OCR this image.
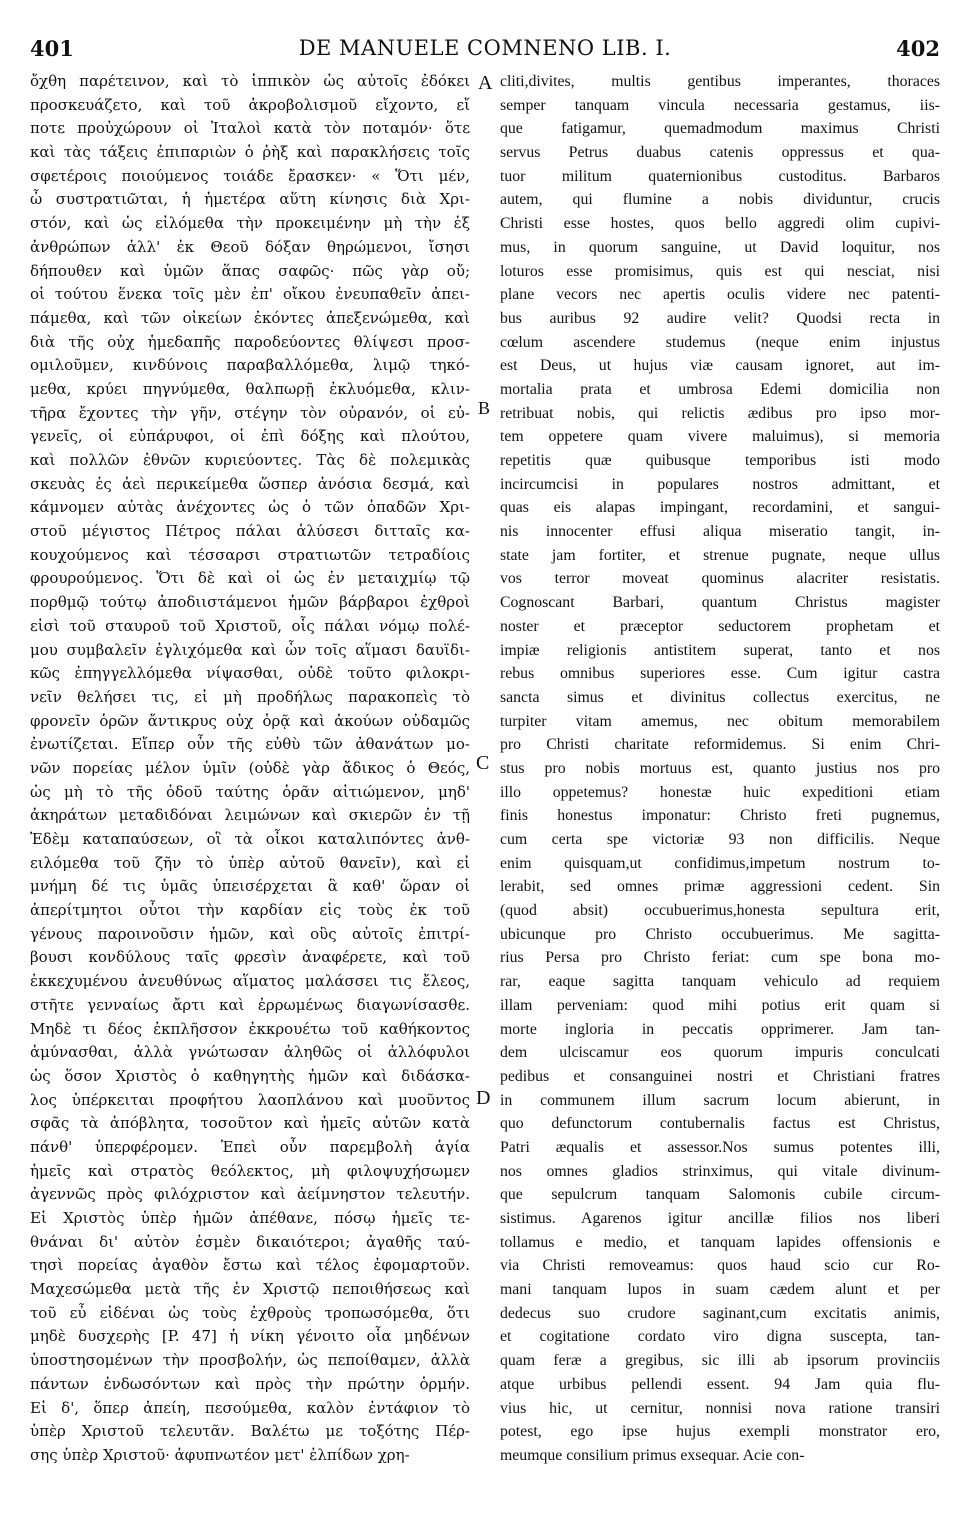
401	DE MANUELE COMNENO LIB. I.	402
ὄχθη παρέτεινον, καὶ τὸ ἱππικὸν ὡς αὐτοῖς ἐδόκει
προσκευάζετο, καὶ τοῦ ἀκροβολισμοῦ εἴχοντο, εἴ
ποτε προὐχώρουν οἱ Ἰταλοὶ κατὰ τὸν ποταμόν· ὅτε
καὶ τὰς τάξεις ἐπιπαριὼν ὁ ῥὴξ καὶ παρακλήσεις τοῖς
σφετέροις ποιούμενος τοιάδε ἔρασκεν· « Ὅτι μέν,
ὦ συστρατιῶται, ἡ ἡμετέρα αὕτη κίνησις διὰ Χρι-
στόν, καὶ ὡς εἰλόμεθα τὴν προκειμένην μὴ τὴν ἐξ
ἀνθρώπων ἀλλ' ἐκ Θεοῦ δόξαν θηρώμενοι, ἴσησι
δήπουθεν καὶ ὑμῶν ἅπας σαφῶς· πῶς γὰρ οὔ;
οἱ τούτου ἕνεκα τοῖς μὲν ἐπ' οἴκου ἐνευπαθεῖν ἀπει-
πάμεθα, καὶ τῶν οἰκείων ἐκόντες ἀπεξενώμεθα, καὶ
διὰ τῆς οὐχ ἡμεδαπῆς παροδεύοντες θλίψεσι προσ-
ομιλοῦμεν, κινδύνοις παραβαλλόμεθα, λιμῷ τηκό-
μεθα, κρύει πηγνύμεθα, θαλπωρῇ ἐκλυόμεθα, κλιν-
τῆρα ἔχοντες τὴν γῆν, στέγην τὸν οὐρανόν, οἱ εὐ-
γενεῖς, οἱ εὐπάρυφοι, οἱ ἐπὶ δόξης καὶ πλούτου,
καὶ πολλῶν ἐθνῶν κυριεύοντες. Τὰς δὲ πολεμικὰς
σκευὰς ἐς ἀεὶ περικείμεθα ὥσπερ ἀνόσια δεσμά, καὶ
κάμνομεν αὐτὰς ἀνέχοντες ὡς ὁ τῶν ὀπαδῶν Χρι-
στοῦ μέγιστος Πέτρος πάλαι ἁλύσεσι διτταῖς κα-
κουχούμενος καὶ τέσσαρσι στρατιωτῶν τετραδίοις
φρουρούμενος. Ὅτι δὲ καὶ οἱ ὡς ἐν μεταιχμίῳ τῷ
πορθμῷ τούτῳ ἀποδιιστάμενοι ἡμῶν βάρβαροι ἐχθροὶ
εἰσὶ τοῦ σταυροῦ τοῦ Χριστοῦ, οἷς πάλαι νόμῳ πολέ-
μου συμβαλεῖν ἐγλιχόμεθα καὶ ὧν τοῖς αἵμασι δαυϊδι-
κῶς ἐπηγγελλόμεθα νίψασθαι, οὐδὲ τοῦτο φιλοκρι-
νεῖν θελήσει τις, εἰ μὴ προδήλως παρακοπεὶς τὸ
φρονεῖν ὁρῶν ἄντικρυς οὐχ ὁρᾷ καὶ ἀκούων οὐδαμῶς
ἐνωτίζεται. Εἴπερ οὖν τῆς εὐθὺ τῶν ἀθανάτων μο-
νῶν πορείας μέλον ὑμῖν (οὐδὲ γὰρ ἄδικος ὁ Θεός,
ὡς μὴ τὸ τῆς ὁδοῦ ταύτης ὁρᾶν αἰτιώμενον, μηδ'
ἀκηράτων μεταδιδόναι λειμώνων καὶ σκιερῶν ἐν τῇ
Ἐδὲμ καταπαύσεων, οἳ τὰ οἶκοι καταλιπόντες ἀνθ-
ειλόμεθα τοῦ ζῆν τὸ ὑπὲρ αὐτοῦ θανεῖν), καὶ εἰ
μνήμη δέ τις ὑμᾶς ὑπεισέρχεται ἃ καθ' ὥραν οἱ
ἀπερίτμητοι οὗτοι τὴν καρδίαν εἰς τοὺς ἐκ τοῦ
γένους παροινοῦσιν ἡμῶν, καὶ οὓς αὐτοῖς ἐπιτρί-
βουσι κονδύλους ταῖς φρεσὶν ἀναφέρετε, καὶ τοῦ
ἐκκεχυμένου ἀνευθύνως αἵματος μαλάσσει τις ἔλεος,
στῆτε γενναίως ἄρτι καὶ ἐρρωμένως διαγωνίσασθε.
Μηδὲ τι δέος ἐκπλῆσσον ἐκκρουέτω τοῦ καθήκοντος
ἀμύνασθαι, ἀλλὰ γνώτωσαν ἀληθῶς οἱ ἀλλόφυλοι
ὡς ὅσον Χριστὸς ὁ καθηγητὴς ἡμῶν καὶ διδάσκα-
λος ὑπέρκειται προφήτου λαοπλάνου καὶ μυοῦντος
σφᾶς τὰ ἀπόβλητα, τοσοῦτον καὶ ἡμεῖς αὐτῶν κατὰ
πάνθ' ὑπερφέρομεν. Ἐπεὶ οὖν παρεμβολὴ ἁγία
ἡμεῖς καὶ στρατὸς θεόλεκτος, μὴ φιλοψυχήσωμεν
ἀγεννῶς πρὸς φιλόχριστον καὶ ἀείμνηστον τελευτήν.
Εἰ Χριστὸς ὑπὲρ ἡμῶν ἀπέθανε, πόσῳ ἡμεῖς τε-
θνάναι δι' αὐτὸν ἐσμὲν δικαιότεροι; ἀγαθῆς ταύ-
τησὶ πορείας ἀγαθὸν ἔστω καὶ τέλος ἐφομαρτοῦν.
Μαχεσώμεθα μετὰ τῆς ἐν Χριστῷ πεποιθήσεως καὶ
τοῦ εὖ εἰδέναι ὡς τοὺς ἐχθροὺς τροπωσόμεθα, ὅτι
μηδὲ δυσχερὴς [P. 47] ἡ νίκη γένοιτο οἷα μηδένων
ὑποστησομένων τὴν προσβολήν, ὡς πεποίθαμεν, ἀλλὰ
πάντων ἐνδωσόντων καὶ πρὸς τὴν πρώτην ὁρμήν.
Εἰ δ', ὅπερ ἀπείη, πεσούμεθα, καλὸν ἐντάφιον τὸ
ὑπὲρ Χριστοῦ τελευτᾶν. Βαλέτω με τοξότης Πέρ-
σης ὑπὲρ Χριστοῦ· ἀφυπνωτέον μετ' ἐλπίδων χρη-
A
B
C
D
cliti,divites, multis gentibus imperantes, thoraces
semper tanquam vincula necessaria gestamus, iis-
que fatigamur, quemadmodum maximus Christi
servus Petrus duabus catenis oppressus et qua-
tuor militum quaternionibus custoditus. Barbaros
autem, qui flumine a nobis dividuntur, crucis
Christi esse hostes, quos bello aggredi olim cupivi-
mus, in quorum sanguine, ut David loquitur, nos
loturos esse promisimus, quis est qui nesciat, nisi
plane vecors nec apertis oculis videre nec patenti-
bus auribus 92 audire velit? Quodsi recta in
cœlum ascendere studemus (neque enim injustus
est Deus, ut hujus viæ causam ignoret, aut im-
mortalia prata et umbrosa Edemi domicilia non
retribuat nobis, qui relictis ædibus pro ipso mor-
tem oppetere quam vivere maluimus), si memoria
repetitis quæ quibusque temporibus isti modo
incircumcisi in populares nostros admittant, et
quas eis alapas impingant, recordamini, et sangui-
nis innocenter effusi aliqua miseratio tangit, in-
state jam fortiter, et strenue pugnate, neque ullus
vos terror moveat quominus alacriter resistatis.
Cognoscant Barbari, quantum Christus magister
noster et præceptor seductorem prophetam et
impiæ religionis antistitem superat, tanto et nos
rebus omnibus superiores esse. Cum igitur castra
sancta simus et divinitus collectus exercitus, ne
turpiter vitam amemus, nec obitum memorabilem
pro Christi charitate reformidemus. Si enim Chri-
stus pro nobis mortuus est, quanto justius nos pro
illo oppetemus? honestæ huic expeditioni etiam
finis honestus imponatur: Christo freti pugnemus,
cum certa spe victoriæ 93 non difficilis. Neque
enim quisquam,ut confidimus,impetum nostrum to-
lerabit, sed omnes primæ aggressioni cedent. Sin
(quod absit) occubuerimus,honesta sepultura erit,
ubicunque pro Christo occubuerimus. Me sagitta-
rius Persa pro Christo feriat: cum spe bona mo-
rar, eaque sagitta tanquam vehiculo ad requiem
illam perveniam: quod mihi potius erit quam si
morte ingloria in peccatis opprimerer. Jam tan-
dem ulciscamur eos quorum impuris conculcati
pedibus et consanguinei nostri et Christiani fratres
in communem illum sacrum locum abierunt, in
quo defunctorum contubernalis factus est Christus,
Patri æqualis et assessor.Nos sumus potentes illi,
nos omnes gladios strinximus, qui vitale divinum-
que sepulcrum tanquam Salomonis cubile circum-
sistimus. Agarenos igitur ancillæ filios nos liberi
tollamus e medio, et tanquam lapides offensionis e
via Christi removeamus: quos haud scio cur Ro-
mani tanquam lupos in suam cædem alunt et per
dedecus suo crudore saginant,cum excitatis animis,
et cogitatione cordato viro digna suscepta, tan-
quam feræ a gregibus, sic illi ab ipsorum provinciis
atque urbibus pellendi essent. 94 Jam quia flu-
vius hic, ut cernitur, nonnisi nova ratione transiri
potest, ego ipse hujus exempli monstrator ero,
meumque consilium primus exsequar. Acie con-
